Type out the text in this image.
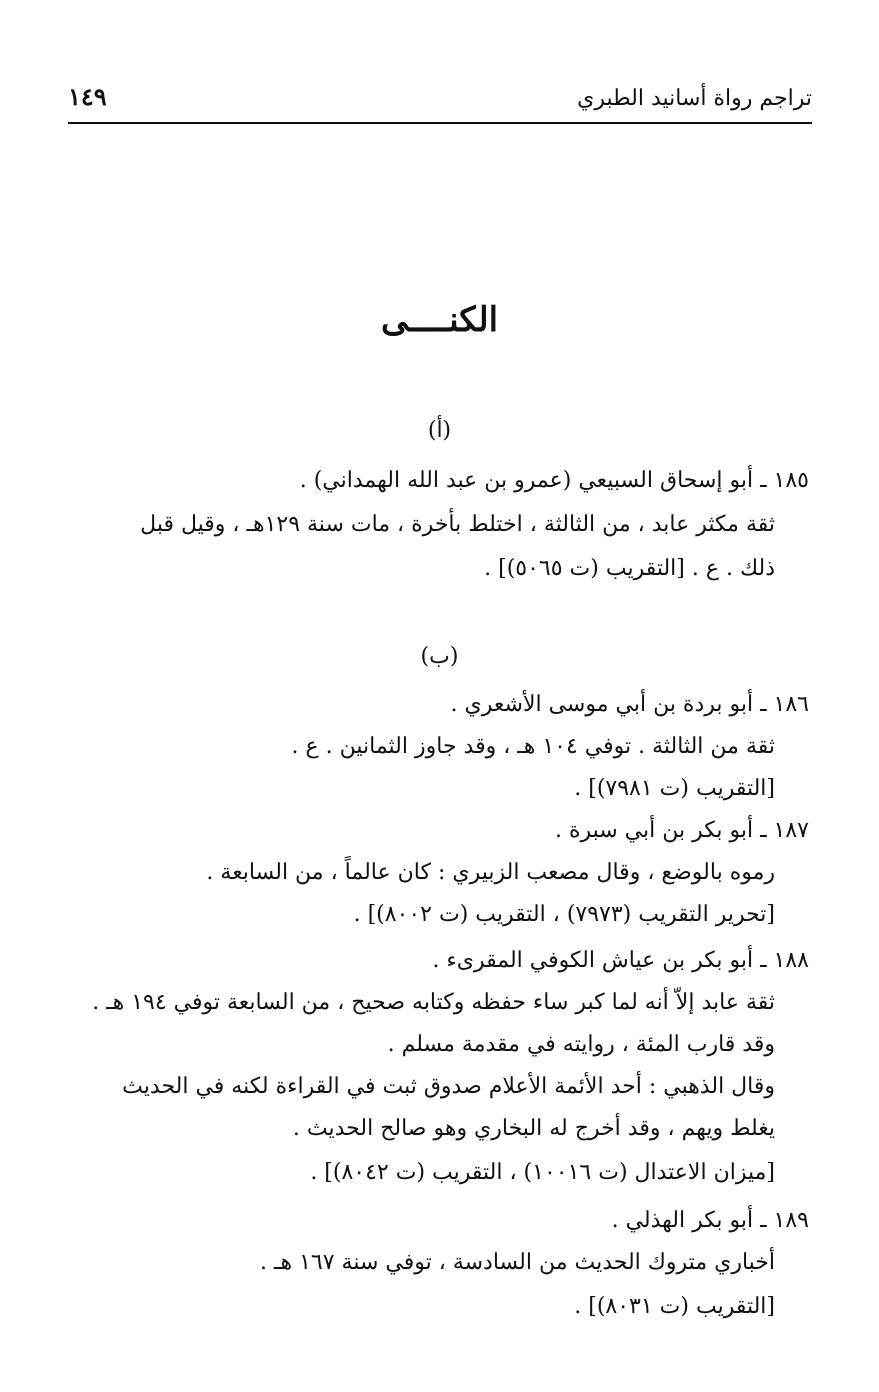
تراجم رواة أسانيد الطبري
١٤٩
الكنــــى
(أ)
(ب)
١٨٥ ـ أبو إسحاق السبيعي (عمرو بن عبد الله الهمداني) .
ثقة مكثر عابد ، من الثالثة ، اختلط بأخرة ، مات سنة ١٢٩هـ ، وقيل قبل
ذلك . ع . [التقريب (ت ٥٠٦٥)] .
١٨٦ ـ أبو بردة بن أبي موسى الأشعري .
ثقة من الثالثة . توفي ١٠٤ هـ ، وقد جاوز الثمانين . ع .
[التقريب (ت ٧٩٨١)] .
١٨٧ ـ أبو بكر بن أبي سبرة .
رموه بالوضع ، وقال مصعب الزبيري : كان عالماً ، من السابعة .
[تحرير التقريب (٧٩٧٣) ، التقريب (ت ٨٠٠٢)] .
١٨٨ ـ أبو بكر بن عياش الكوفي المقرىء .
ثقة عابد إلاّ أنه لما كبر ساء حفظه وكتابه صحيح ، من السابعة توفي ١٩٤ هـ .
وقد قارب المئة ، روايته في مقدمة مسلم .
وقال الذهبي : أحد الأئمة الأعلام صدوق ثبت في القراءة لكنه في الحديث
يغلط ويهم ، وقد أخرج له البخاري وهو صالح الحديث .
[ميزان الاعتدال (ت ١٠٠١٦) ، التقريب (ت ٨٠٤٢)] .
١٨٩ ـ أبو بكر الهذلي .
أخباري متروك الحديث من السادسة ، توفي سنة ١٦٧ هـ .
[التقريب (ت ٨٠٣١)] .
